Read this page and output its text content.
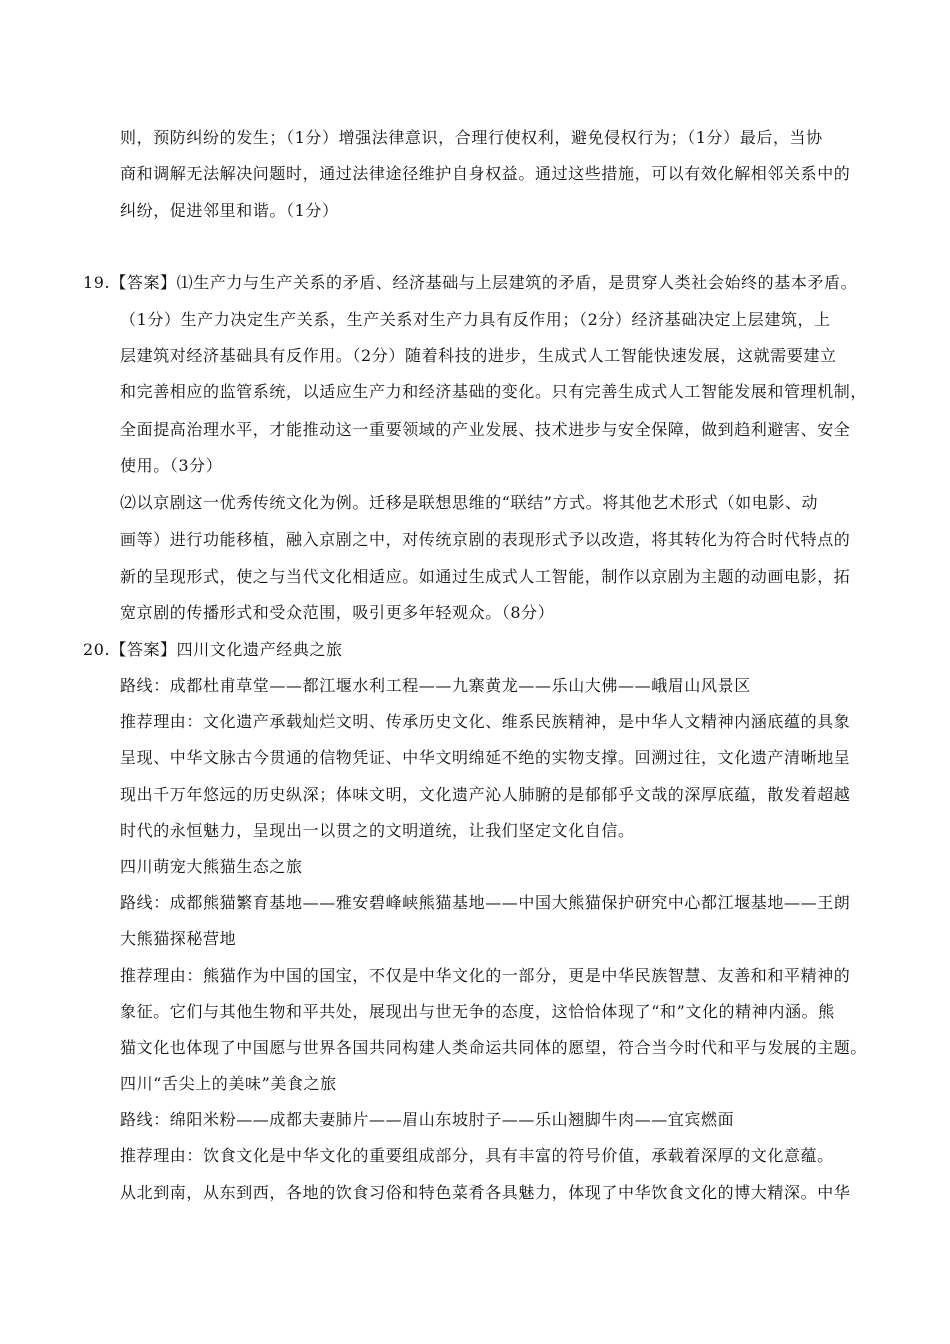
则，预防纠纷的发生；（1分）增强法律意识，合理行使权利，避免侵权行为；（1分）最后，当协
商和调解无法解决问题时，通过法律途径维护自身权益。通过这些措施，可以有效化解相邻关系中的
纠纷，促进邻里和谐。（1分）
19.【答案】⑴生产力与生产关系的矛盾、经济基础与上层建筑的矛盾，是贯穿人类社会始终的基本矛盾。
（1分）生产力决定生产关系，生产关系对生产力具有反作用；（2分）经济基础决定上层建筑，上
层建筑对经济基础具有反作用。（2分）随着科技的进步，生成式人工智能快速发展，这就需要建立
和完善相应的监管系统，以适应生产力和经济基础的变化。只有完善生成式人工智能发展和管理机制，
全面提高治理水平，才能推动这一重要领域的产业发展、技术进步与安全保障，做到趋利避害、安全
使用。（3分）
⑵以京剧这一优秀传统文化为例。迁移是联想思维的“联结”方式。将其他艺术形式（如电影、动
画等）进行功能移植，融入京剧之中，对传统京剧的表现形式予以改造，将其转化为符合时代特点的
新的呈现形式，使之与当代文化相适应。如通过生成式人工智能，制作以京剧为主题的动画电影，拓
宽京剧的传播形式和受众范围，吸引更多年轻观众。（8分）
20.【答案】四川文化遗产经典之旅
路线：成都杜甫草堂——都江堰水利工程——九寨黄龙——乐山大佛——峨眉山风景区
推荐理由：文化遗产承载灿烂文明、传承历史文化、维系民族精神，是中华人文精神内涵底蕴的具象
呈现、中华文脉古今贯通的信物凭证、中华文明绵延不绝的实物支撑。回溯过往，文化遗产清晰地呈
现出千万年悠远的历史纵深；体味文明，文化遗产沁人肺腑的是郁郁乎文哉的深厚底蕴，散发着超越
时代的永恒魅力，呈现出一以贯之的文明道统，让我们坚定文化自信。
四川萌宠大熊猫生态之旅
路线：成都熊猫繁育基地——雅安碧峰峡熊猫基地——中国大熊猫保护研究中心都江堰基地——王朗
大熊猫探秘营地
推荐理由：熊猫作为中国的国宝，不仅是中华文化的一部分，更是中华民族智慧、友善和和平精神的
象征。它们与其他生物和平共处，展现出与世无争的态度，这恰恰体现了“和”文化的精神内涵。熊
猫文化也体现了中国愿与世界各国共同构建人类命运共同体的愿望，符合当今时代和平与发展的主题。
四川“舌尖上的美味”美食之旅
路线：绵阳米粉——成都夫妻肺片——眉山东坡肘子——乐山翘脚牛肉——宜宾燃面
推荐理由：饮食文化是中华文化的重要组成部分，具有丰富的符号价值，承载着深厚的文化意蕴。
从北到南，从东到西，各地的饮食习俗和特色菜肴各具魅力，体现了中华饮食文化的博大精深。中华
